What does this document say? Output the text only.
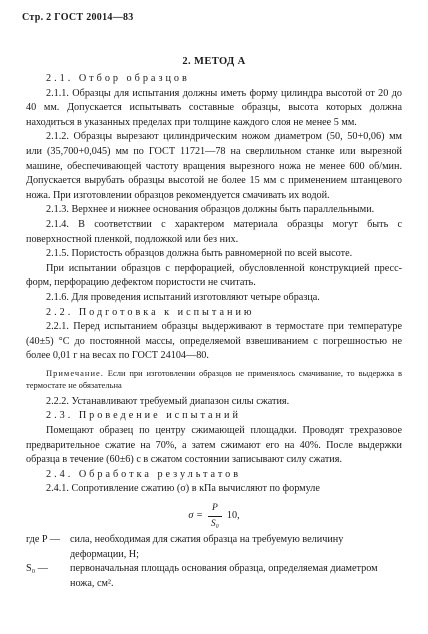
Стр. 2 ГОСТ 20014—83
2. МЕТОД А

2.1. Отбор образцов

2.1.1. Образцы для испытания должны иметь форму цилиндра высотой от 20 до 40 мм. Допускается испытывать составные образцы, высота которых должна находиться в указанных пределах при толщине каждого слоя не менее 5 мм.

2.1.2. Образцы вырезают цилиндрическим ножом диаметром (50, 50+0,06) мм или (35,700+0,045) мм по ГОСТ 11721—78 на сверлильном станке или вырезной машине, обеспечивающей частоту вращения вырезного ножа не менее 600 об/мин. Допускается вырубать образцы высотой не более 15 мм с применением штанцевого ножа. При изготовлении образцов рекомендуется смачивать их водой.

2.1.3. Верхнее и нижнее основания образцов должны быть параллельными.

2.1.4. В соответствии с характером материала образцы могут быть с поверхностной пленкой, подложкой или без них.

2.1.5. Пористость образцов должна быть равномерной по всей высоте.

При испытании образцов с перфорацией, обусловленной конструкцией пресс-форм, перфорацию дефектом пористости не считать.

2.1.6. Для проведения испытаний изготовляют четыре образца.

2.2. Подготовка к испытанию

2.2.1. Перед испытанием образцы выдерживают в термостате при температуре (40±5) °С до постоянной массы, определяемой взвешиванием с погрешностью не более 0,01 г на весах по ГОСТ 24104—80.

Примечание. Если при изготовлении образцов не применялось смачивание, то выдержка в термостате не обязательна

2.2.2. Устанавливают требуемый диапазон силы сжатия.

2.3. Проведение испытаний

Помещают образец по центру сжимающей площадки. Проводят трехразовое предварительное сжатие на 70%, а затем сжимают его на 40%. После выдержки образца в течение (60±6) с в сжатом состоянии записывают силу сжатия.

2.4. Обработка результатов

2.4.1. Сопротивление сжатию (σ) в кПа вычисляют по формуле

$\sigma = \frac{P}{\text{S₀}} 10$,
где P — сила, необходимая для сжатия образца на требуемую величину деформации, Н;
S₀ —	первоначальная площадь основания образца, определяемая диаметром ножа, см².
